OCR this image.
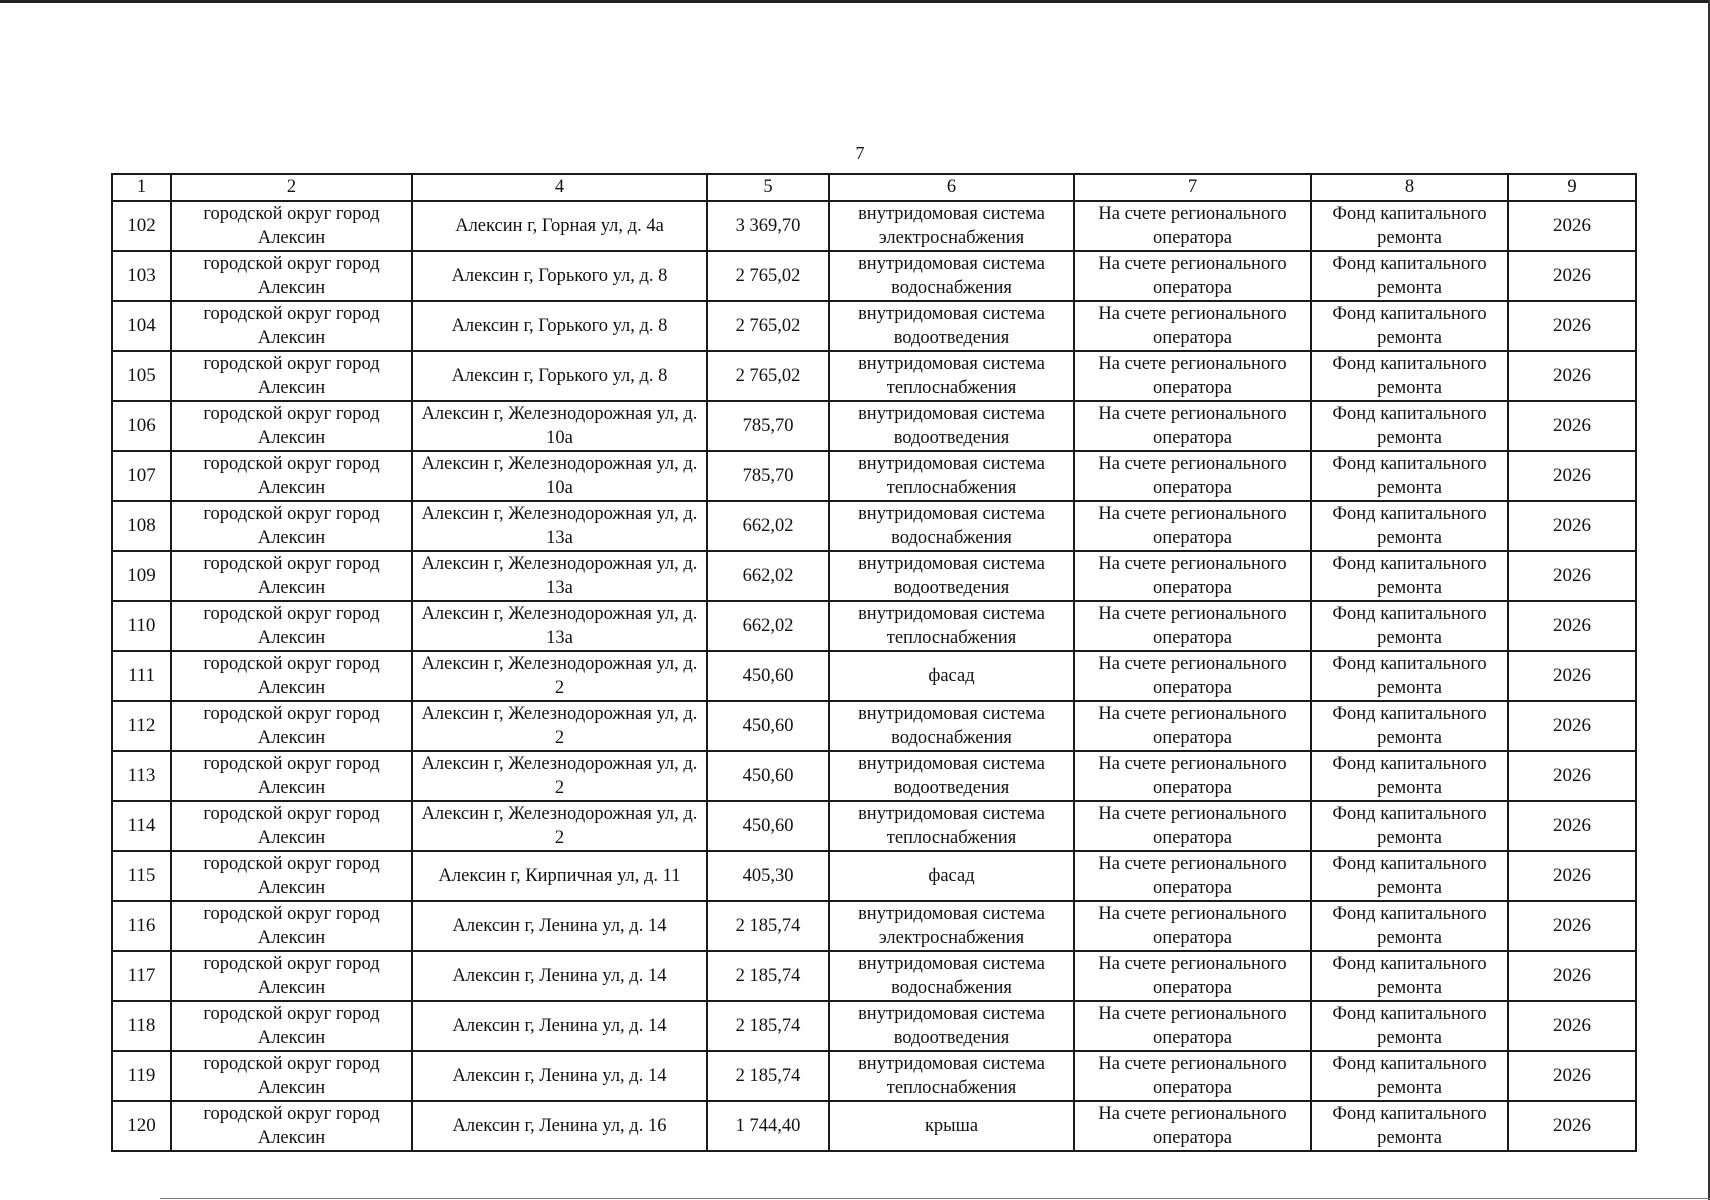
7
1	2	4	5	6	7	8	9
102	городской округ город Алексин	Алексин г, Горная ул, д. 4а	3 369,70	внутридомовая система электроснабжения	На счете регионального оператора	Фонд капитального ремонта	2026
103	городской округ город Алексин	Алексин г, Горького ул, д. 8	2 765,02	внутридомовая система водоснабжения	На счете регионального оператора	Фонд капитального ремонта	2026
104	городской округ город Алексин	Алексин г, Горького ул, д. 8	2 765,02	внутридомовая система водоотведения	На счете регионального оператора	Фонд капитального ремонта	2026
105	городской округ город Алексин	Алексин г, Горького ул, д. 8	2 765,02	внутридомовая система теплоснабжения	На счете регионального оператора	Фонд капитального ремонта	2026
106	городской округ город Алексин	Алексин г, Железнодорожная ул, д. 10а	785,70	внутридомовая система водоотведения	На счете регионального оператора	Фонд капитального ремонта	2026
107	городской округ город Алексин	Алексин г, Железнодорожная ул, д. 10а	785,70	внутридомовая система теплоснабжения	На счете регионального оператора	Фонд капитального ремонта	2026
108	городской округ город Алексин	Алексин г, Железнодорожная ул, д. 13а	662,02	внутридомовая система водоснабжения	На счете регионального оператора	Фонд капитального ремонта	2026
109	городской округ город Алексин	Алексин г, Железнодорожная ул, д. 13а	662,02	внутридомовая система водоотведения	На счете регионального оператора	Фонд капитального ремонта	2026
110	городской округ город Алексин	Алексин г, Железнодорожная ул, д. 13а	662,02	внутридомовая система теплоснабжения	На счете регионального оператора	Фонд капитального ремонта	2026
111	городской округ город Алексин	Алексин г, Железнодорожная ул, д. 2	450,60	фасад	На счете регионального оператора	Фонд капитального ремонта	2026
112	городской округ город Алексин	Алексин г, Железнодорожная ул, д. 2	450,60	внутридомовая система водоснабжения	На счете регионального оператора	Фонд капитального ремонта	2026
113	городской округ город Алексин	Алексин г, Железнодорожная ул, д. 2	450,60	внутридомовая система водоотведения	На счете регионального оператора	Фонд капитального ремонта	2026
114	городской округ город Алексин	Алексин г, Железнодорожная ул, д. 2	450,60	внутридомовая система теплоснабжения	На счете регионального оператора	Фонд капитального ремонта	2026
115	городской округ город Алексин	Алексин г, Кирпичная ул, д. 11	405,30	фасад	На счете регионального оператора	Фонд капитального ремонта	2026
116	городской округ город Алексин	Алексин г, Ленина ул, д. 14	2 185,74	внутридомовая система электроснабжения	На счете регионального оператора	Фонд капитального ремонта	2026
117	городской округ город Алексин	Алексин г, Ленина ул, д. 14	2 185,74	внутридомовая система водоснабжения	На счете регионального оператора	Фонд капитального ремонта	2026
118	городской округ город Алексин	Алексин г, Ленина ул, д. 14	2 185,74	внутридомовая система водоотведения	На счете регионального оператора	Фонд капитального ремонта	2026
119	городской округ город Алексин	Алексин г, Ленина ул, д. 14	2 185,74	внутридомовая система теплоснабжения	На счете регионального оператора	Фонд капитального ремонта	2026
120	городской округ город Алексин	Алексин г, Ленина ул, д. 16	1 744,40	крыша	На счете регионального оператора	Фонд капитального ремонта	2026
